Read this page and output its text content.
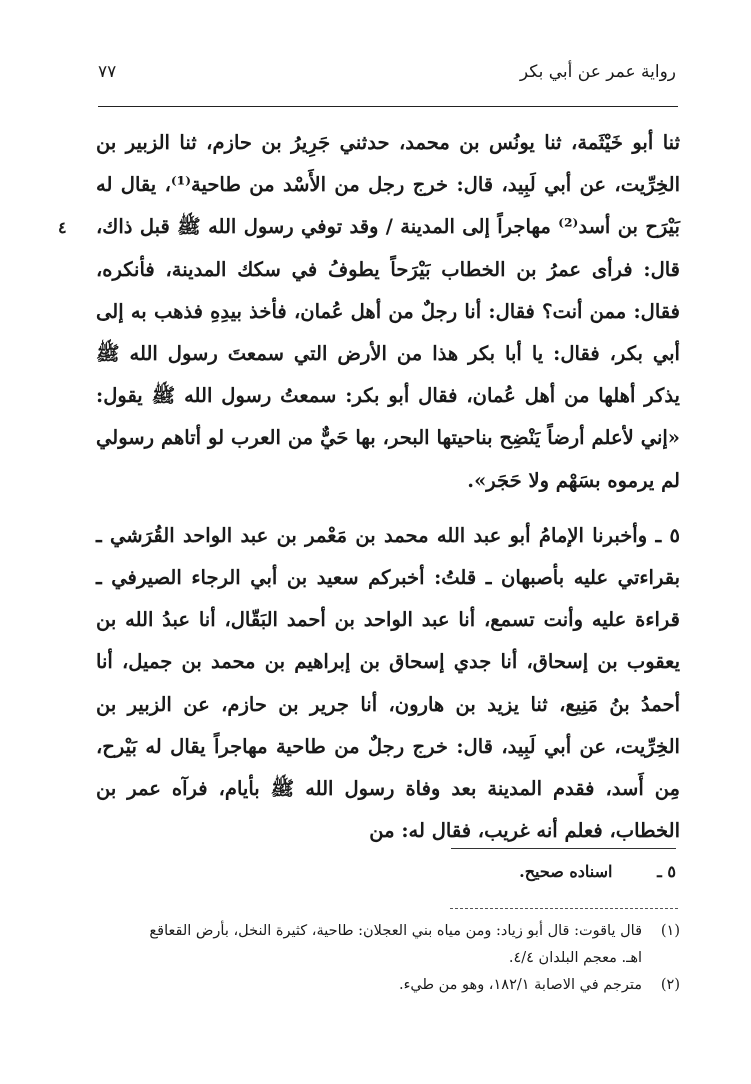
رواية عمر عن أبي بكر
٧٧
٤

ثنا أبو خَيْثَمة، ثنا يونُس بن محمد، حدثني جَرِيرُ بن حازم، ثنا الزبير بن الخِرِّيت، عن أبي لَبِيد، قال: خرج رجل من الأَسْد من طاحية⁽¹⁾، يقال له بَيْرَح بن أسد⁽²⁾ مهاجراً إلى المدينة / وقد توفي رسول الله ﷺ قبل ذاك، قال: فرأى عمرُ بن الخطاب بَيْرَحاً يطوفُ في سكك المدينة، فأنكره، فقال: ممن أنت؟ فقال: أنا رجلٌ من أهل عُمان، فأخذ بيدِهِ فذهب به إلى أبي بكر، فقال: يا أبا بكر هذا من الأرض التي سمعتَ رسول الله ﷺ يذكر أهلها من أهل عُمان، فقال أبو بكر: سمعتُ رسول الله ﷺ يقول: «إني لأعلم أرضاً يَنْضِح بناحيتها البحر، بها حَيٌّ من العرب لو أتاهم رسولي لم يرموه بسَهْم ولا حَجَر».

٥ ـ وأخبرنا الإمامُ أبو عبد الله محمد بن مَعْمر بن عبد الواحد القُرَشي ـ بقراءتي عليه بأصبهان ـ قلتُ: أخبركم سعيد بن أبي الرجاء الصيرفي ـ قراءة عليه وأنت تسمع، أنا عبد الواحد بن أحمد البَقّال، أنا عبدُ الله بن يعقوب بن إسحاق، أنا جدي إسحاق بن إبراهيم بن محمد بن جميل، أنا أحمدُ بنُ مَنِيع، ثنا يزيد بن هارون، أنا جرير بن حازم، عن الزبير بن الخِرِّيت، عن أبي لَبِيد، قال: خرج رجلٌ من طاحية مهاجراً يقال له بَيْرح، مِن أَسد، فقدم المدينة بعد وفاة رسول الله ﷺ بأيام، فرآه عمر بن الخطاب، فعلم أنه غريب، فقال له: من

٥ ـ اسناده صحيح.
(١)
قال ياقوت: قال أبو زياد: ومن مياه بني العجلان: طاحية، كثيرة النخل، بأرض القعاقع
اهـ. معجم البلدان ٤/٤.
(٢)
مترجم في الاصابة ١٨٢/١، وهو من طيء.
